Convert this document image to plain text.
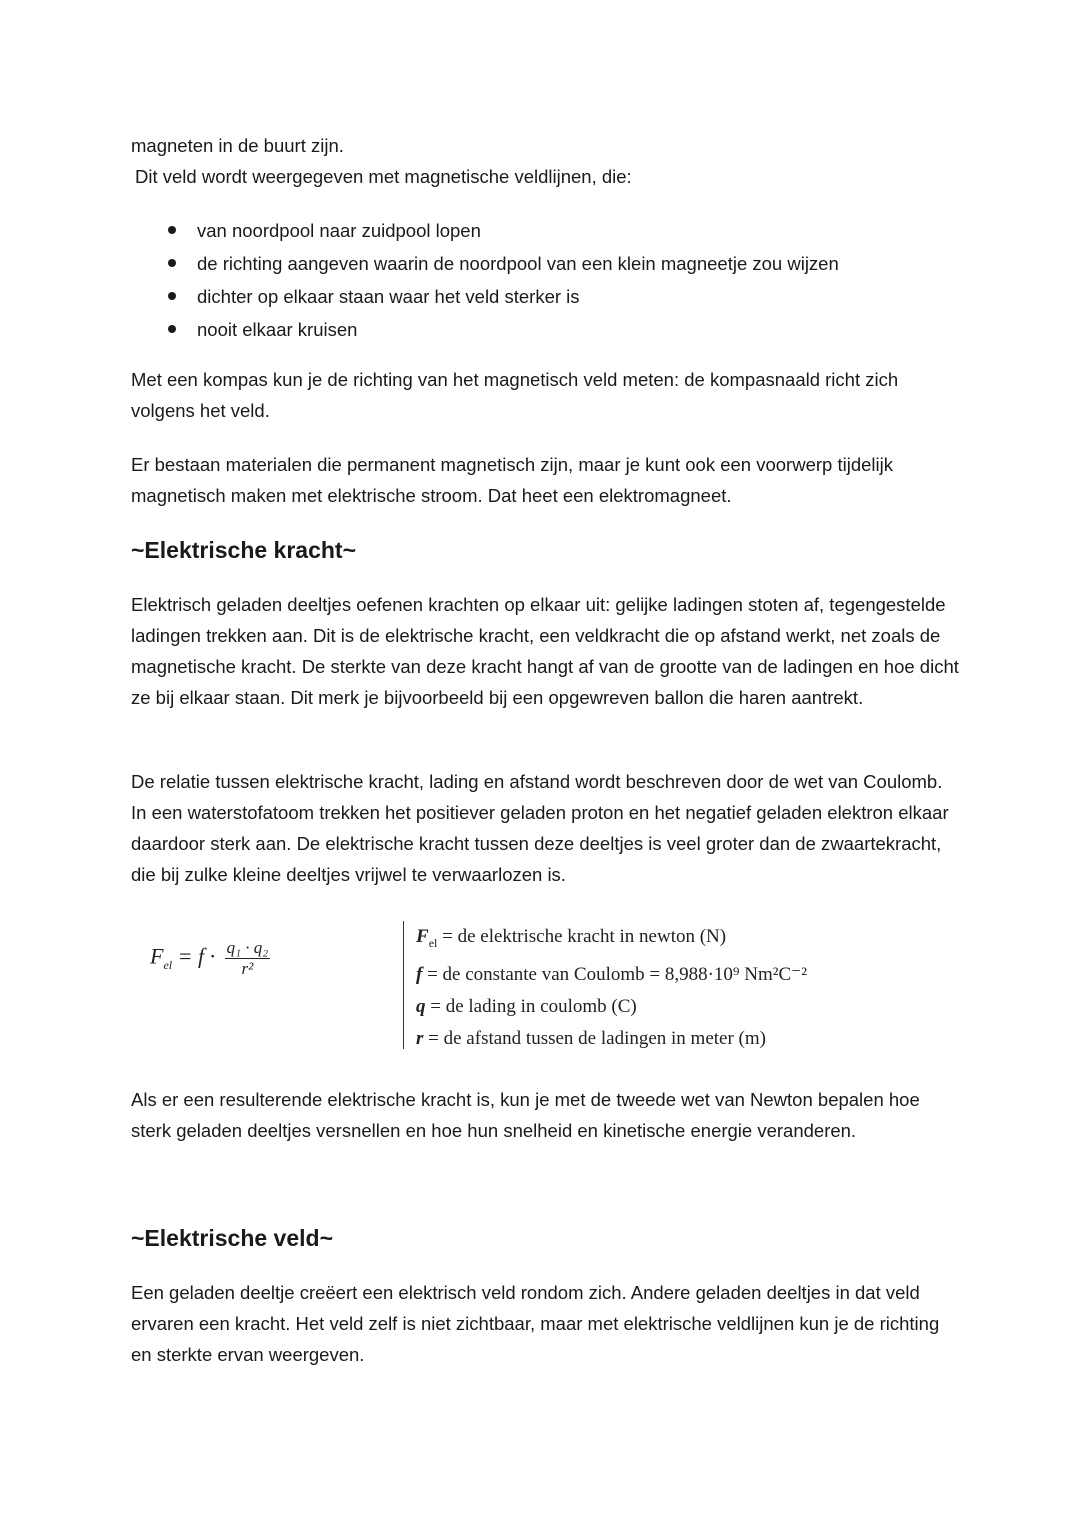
magneten in de buurt zijn.

Dit veld wordt weergegeven met magnetische veldlijnen, die:

van noordpool naar zuidpool lopen
de richting aangeven waarin de noordpool van een klein magneetje zou wijzen
dichter op elkaar staan waar het veld sterker is
nooit elkaar kruisen

Met een kompas kun je de richting van het magnetisch veld meten: de kompasnaald richt zich volgens het veld.

Er bestaan materialen die permanent magnetisch zijn, maar je kunt ook een voorwerp tijdelijk magnetisch maken met elektrische stroom. Dat heet een elektromagneet.

~Elektrische kracht~

Elektrisch geladen deeltjes oefenen krachten op elkaar uit: gelijke ladingen stoten af, tegengestelde ladingen trekken aan. Dit is de elektrische kracht, een veldkracht die op afstand werkt, net zoals de magnetische kracht. De sterkte van deze kracht hangt af van de grootte van de ladingen en hoe dicht ze bij elkaar staan. Dit merk je bijvoorbeeld bij een opgewreven ballon die haren aantrekt.

De relatie tussen elektrische kracht, lading en afstand wordt beschreven door de wet van Coulomb. In een waterstofatoom trekken het positiever geladen proton en het negatief geladen elektron elkaar daardoor sterk aan. De elektrische kracht tussen deze deeltjes is veel groter dan de zwaartekracht, die bij zulke kleine deeltjes vrijwel te verwaarlozen is.

$F_{el} = f \cdot \frac{\text{q₁ · q₂}}{\text{r²}}$
$F_{el}$ = de elektrische kracht in newton (N)
f = de constante van Coulomb = 8,988·10⁹ Nm²C⁻²
q = de lading in coulomb (C)
r = de afstand tussen de ladingen in meter (m)

Als er een resulterende elektrische kracht is, kun je met de tweede wet van Newton bepalen hoe sterk geladen deeltjes versnellen en hoe hun snelheid en kinetische energie veranderen.

~Elektrische veld~

Een geladen deeltje creëert een elektrisch veld rondom zich. Andere geladen deeltjes in dat veld ervaren een kracht. Het veld zelf is niet zichtbaar, maar met elektrische veldlijnen kun je de richting en sterkte ervan weergeven.
